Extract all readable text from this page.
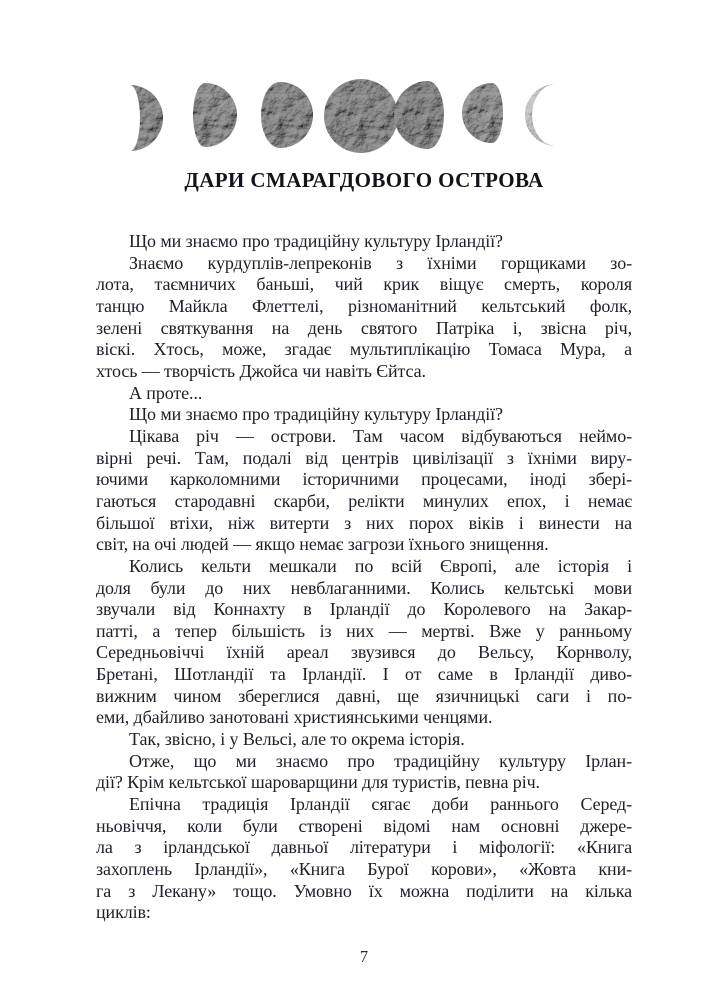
ДАРИ СМАРАГДОВОГО ОСТРОВА
Що ми знаємо про традиційну культуру Ірландії?
Знаємо курдуплів-лепреконів з їхніми горщиками зо-
лота, таємничих баньші, чий крик віщує смерть, короля
танцю Майкла Флеттелі, різноманітний кельтський фолк,
зелені святкування на день святого Патріка і, звісна річ,
віскі. Хтось, може, згадає мультиплікацію Томаса Мура, а
хтось — творчість Джойса чи навіть Єйтса.
А проте...
Що ми знаємо про традиційну культуру Ірландії?
Цікава річ — острови. Там часом відбуваються неймо-
вірні речі. Там, подалі від центрів цивілізації з їхніми виру-
ючими карколомними історичними процесами, іноді збері-
гаються стародавні скарби, релікти минулих епох, і немає
більшої втіхи, ніж витерти з них порох віків і винести на
світ, на очі людей — якщо немає загрози їхнього знищення.
Колись кельти мешкали по всій Європі, але історія і
доля були до них невблаганними. Колись кельтські мови
звучали від Коннахту в Ірландії до Королевого на Закар-
патті, а тепер більшість із них — мертві. Вже у ранньому
Середньовіччі їхній ареал звузився до Вельсу, Корнволу,
Бретані, Шотландії та Ірландії. І от саме в Ірландії диво-
вижним чином збереглися давні, ще язичницькі саги і по-
еми, дбайливо занотовані християнськими ченцями.
Так, звісно, і у Вельсі, але то окрема історія.
Отже, що ми знаємо про традиційну культуру Ірлан-
дії? Крім кельтської шароварщини для туристів, певна річ.
Епічна традиція Ірландії сягає доби раннього Серед-
ньовіччя, коли були створені відомі нам основні джере-
ла з ірландської давньої літератури і міфології: «Книга
захоплень Ірландії», «Книга Бурої корови», «Жовта кни-
га з Лекану» тощо. Умовно їх можна поділити на кілька
циклів:
7
